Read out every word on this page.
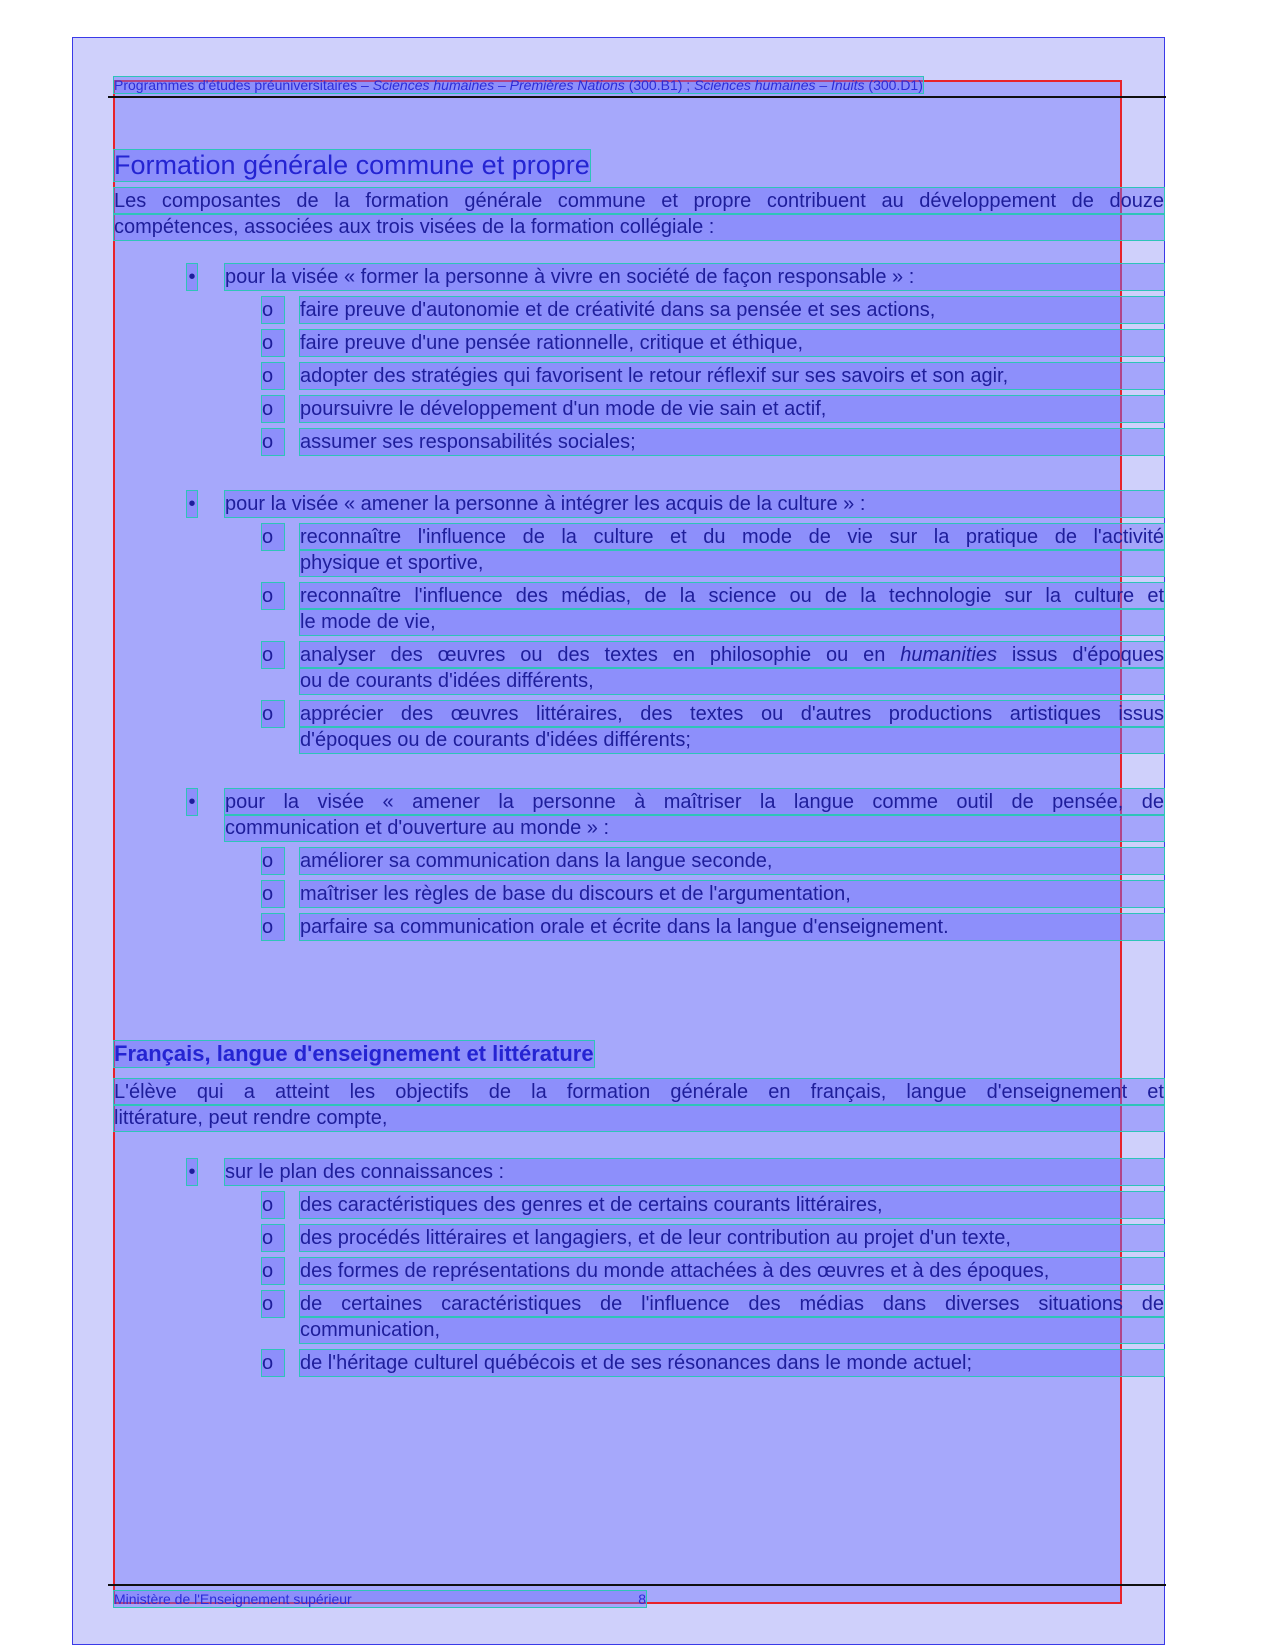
Programmes d'études préuniversitaires – Sciences humaines – Premières Nations (300.B1) ; Sciences humaines – Inuits (300.D1)
Formation générale commune et propre
Les composantes de la formation générale commune et propre contribuent au développement de douze
compétences, associées aux trois visées de la formation collégiale :
• pour la visée « former la personne à vivre en société de façon responsable » :
o	faire preuve d'autonomie et de créativité dans sa pensée et ses actions,
o	faire preuve d'une pensée rationnelle, critique et éthique,
o	adopter des stratégies qui favorisent le retour réflexif sur ses savoirs et son agir,
o	poursuivre le développement d'un mode de vie sain et actif,
o	assumer ses responsabilités sociales;
• pour la visée « amener la personne à intégrer les acquis de la culture » :
o	reconnaître l'influence de la culture et du mode de vie sur la pratique de l'activité
physique et sportive,
o	reconnaître l'influence des médias, de la science ou de la technologie sur la culture et
le mode de vie,
o	analyser des œuvres ou des textes en philosophie ou en humanities issus d'époques
ou de courants d'idées différents,
o	apprécier des œuvres littéraires, des textes ou d'autres productions artistiques issus
d'époques ou de courants d'idées différents;
• pour la visée « amener la personne à maîtriser la langue comme outil de pensée, de
communication et d'ouverture au monde » :
o	améliorer sa communication dans la langue seconde,
o	maîtriser les règles de base du discours et de l'argumentation,
o	parfaire sa communication orale et écrite dans la langue d'enseignement.
Français, langue d'enseignement et littérature
L'élève qui a atteint les objectifs de la formation générale en français, langue d'enseignement et
littérature, peut rendre compte,
• sur le plan des connaissances :
o	des caractéristiques des genres et de certains courants littéraires,
o	des procédés littéraires et langagiers, et de leur contribution au projet d'un texte,
o	des formes de représentations du monde attachées à des œuvres et à des époques,
o	de certaines caractéristiques de l'influence des médias dans diverses situations de
communication,
o	de l'héritage culturel québécois et de ses résonances dans le monde actuel;
Ministère de l'Enseignement supérieur	8
